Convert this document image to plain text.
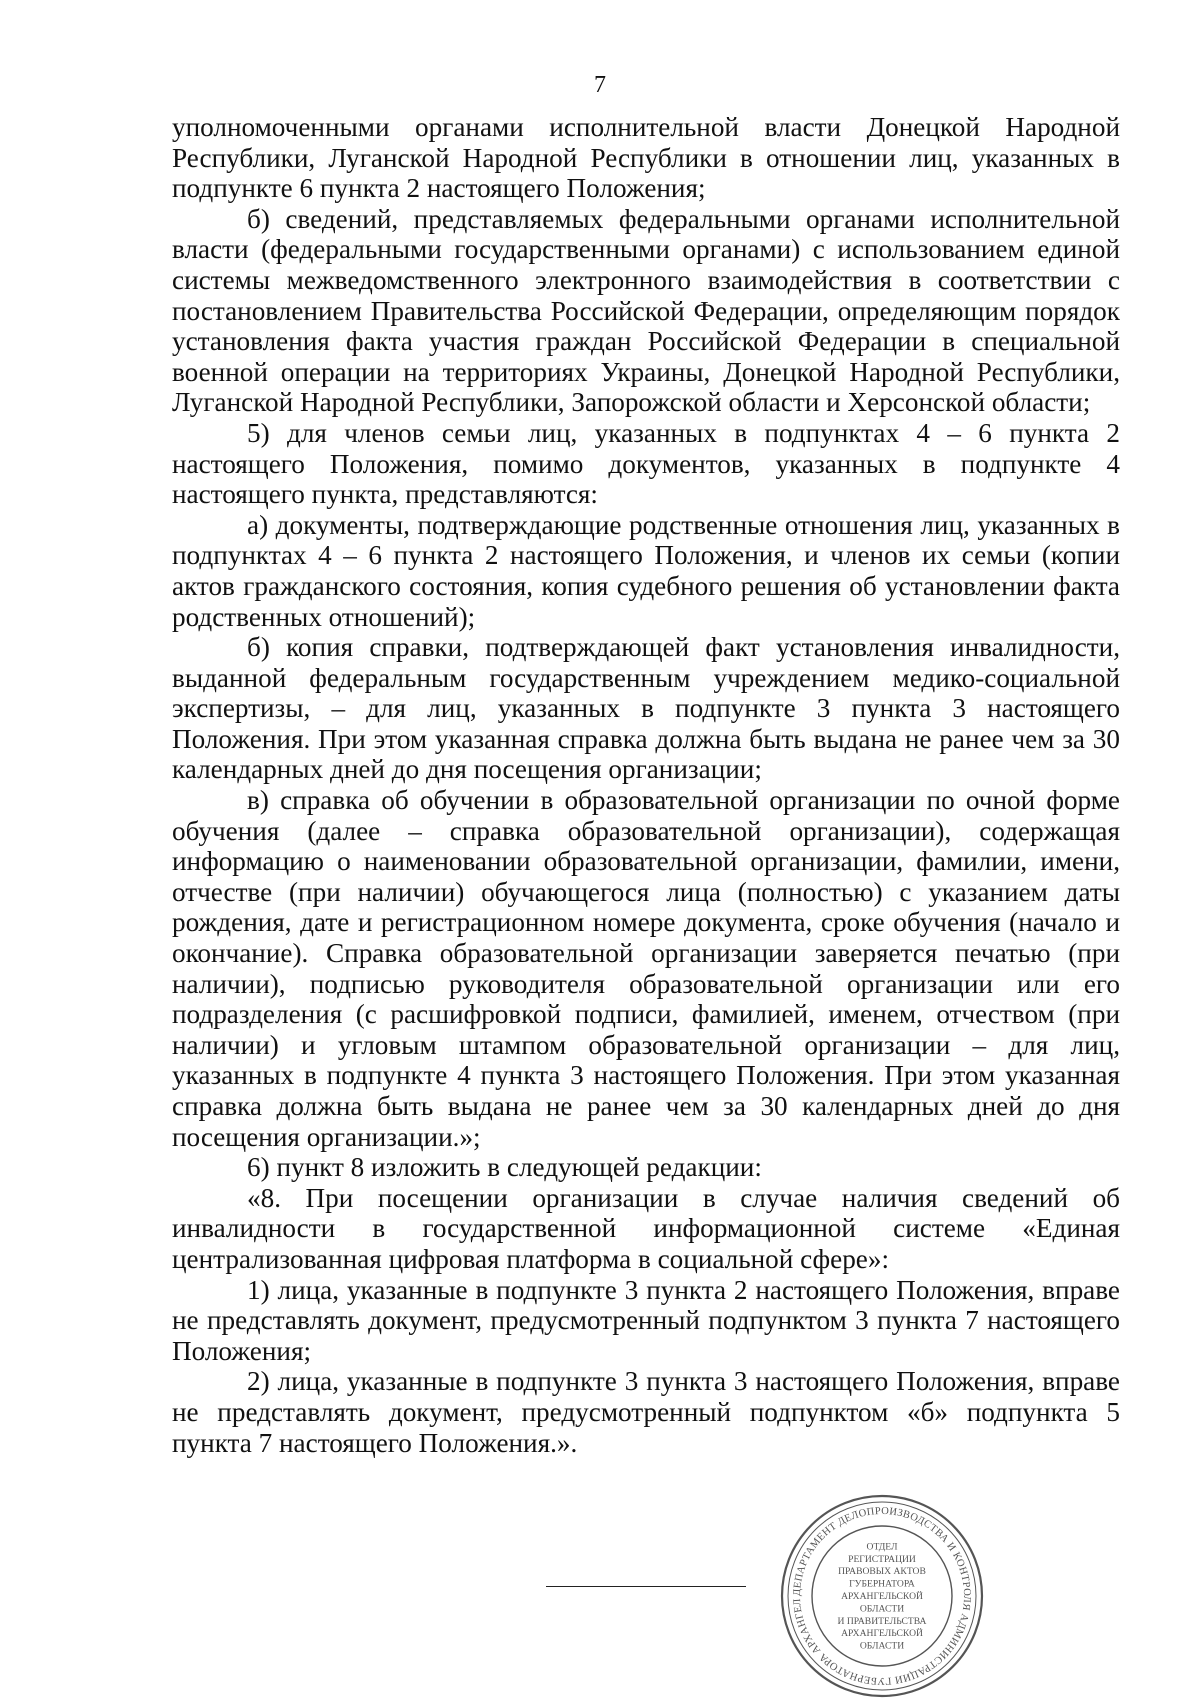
7

уполномоченными органами исполнительной власти Донецкой Народной Республики, Луганской Народной Республики в отношении лиц, указанных в подпункте 6 пункта 2 настоящего Положения;

б) сведений, представляемых федеральными органами исполнительной власти (федеральными государственными органами) с использованием единой системы межведомственного электронного взаимодействия в соответствии с постановлением Правительства Российской Федерации, определяющим порядок установления факта участия граждан Российской Федерации в специальной военной операции на территориях Украины, Донецкой Народной Республики, Луганской Народной Республики, Запорожской области и Херсонской области;

5) для членов семьи лиц, указанных в подпунктах 4 – 6 пункта 2 настоящего Положения, помимо документов, указанных в подпункте 4 настоящего пункта, представляются:

а) документы, подтверждающие родственные отношения лиц, указанных в подпунктах 4 – 6 пункта 2 настоящего Положения, и членов их семьи (копии актов гражданского состояния, копия судебного решения об установлении факта родственных отношений);

б) копия справки, подтверждающей факт установления инвалидности, выданной федеральным государственным учреждением медико-социальной экспертизы, – для лиц, указанных в подпункте 3 пункта 3 настоящего Положения. При этом указанная справка должна быть выдана не ранее чем за 30 календарных дней до дня посещения организации;

в) справка об обучении в образовательной организации по очной форме обучения (далее – справка образовательной организации), содержащая информацию о наименовании образовательной организации, фамилии, имени, отчестве (при наличии) обучающегося лица (полностью) с указанием даты рождения, дате и регистрационном номере документа, сроке обучения (начало и окончание). Справка образовательной организации заверяется печатью (при наличии), подписью руководителя образовательной организации или его подразделения (с расшифровкой подписи, фамилией, именем, отчеством (при наличии) и угловым штампом образовательной организации – для лиц, указанных в подпункте 4 пункта 3 настоящего Положения. При этом указанная справка должна быть выдана не ранее чем за 30 календарных дней до дня посещения организации.»;

6) пункт 8 изложить в следующей редакции:

«8. При посещении организации в случае наличия сведений об инвалидности в государственной информационной системе «Единая централизованная цифровая платформа в социальной сфере»:

1) лица, указанные в подпункте 3 пункта 2 настоящего Положения, вправе не представлять документ, предусмотренный подпунктом 3 пункта 7 настоящего Положения;

2) лица, указанные в подпункте 3 пункта 3 настоящего Положения, вправе не представлять документ, предусмотренный подпунктом «б» подпункта 5 пункта 7 настоящего Положения.».

ДЕПАРТАМЕНТ ДЕЛОПРОИЗВОДСТВА И КОНТРОЛЯ АДМИНИСТРАЦИИ ГУБЕРНАТОРА АРХАНГЕЛ
ОТДЕЛ
РЕГИСТРАЦИИ
ПРАВОВЫХ АКТОВ
ГУБЕРНАТОРА
АРХАНГЕЛЬСКОЙ
ОБЛАСТИ
И ПРАВИТЕЛЬСТВА
АРХАНГЕЛЬСКОЙ
ОБЛАСТИ
